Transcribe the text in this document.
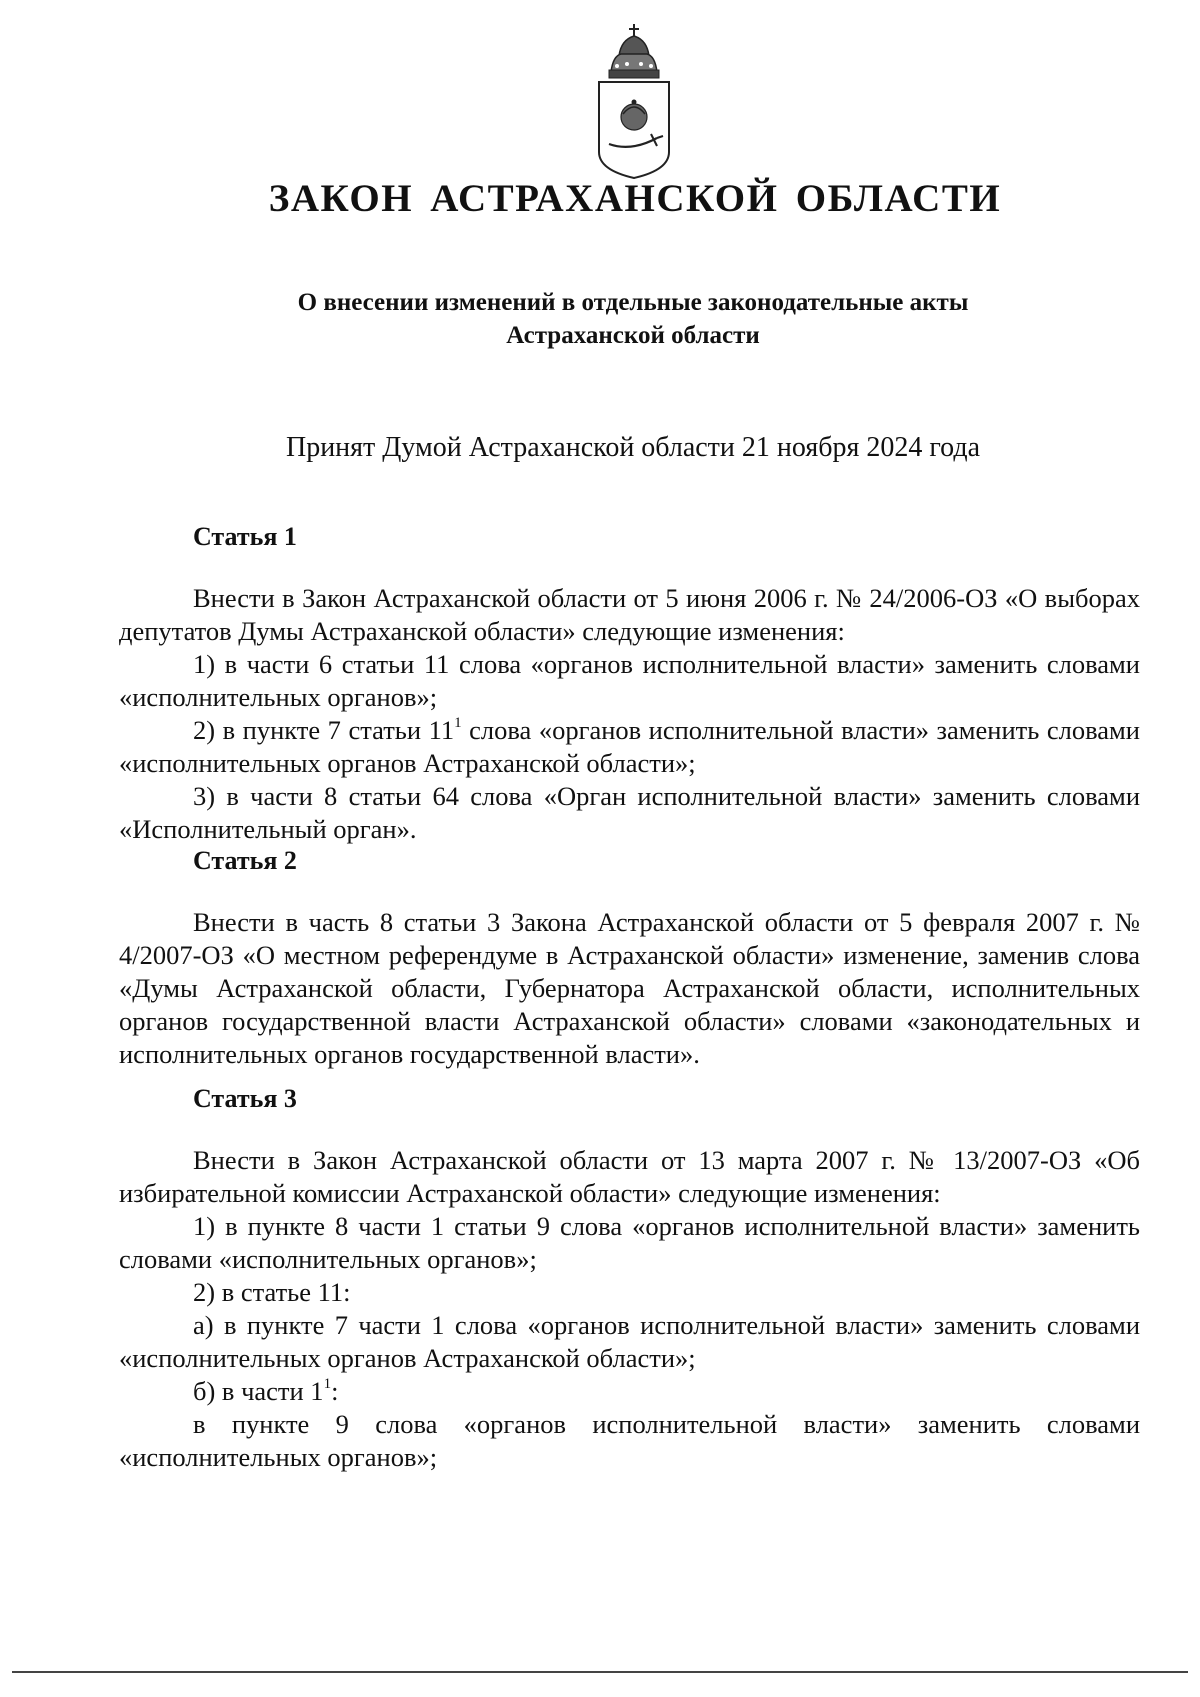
ЗАКОН АСТРАХАНСКОЙ ОБЛАСТИ
О внесении изменений в отдельные законодательные акты
Астраханской области

Принят Думой Астраханской области 21 ноября 2024 года

Статья 1

Внести в Закон Астраханской области от 5 июня 2006 г. № 24/2006-ОЗ «О выборах депутатов Думы Астраханской области» следующие изменения:

1) в части 6 статьи 11 слова «органов исполнительной власти» заменить словами «исполнительных органов»;

2) в пункте 7 статьи $11^1$ слова «органов исполнительной власти» заменить словами «исполнительных органов Астраханской области»;

3) в части 8 статьи 64 слова «Орган исполнительной власти» заменить словами «Исполнительный орган».

Статья 2

Внести в часть 8 статьи 3 Закона Астраханской области от 5 февраля 2007 г. № 4/2007-ОЗ «О местном референдуме в Астраханской области» изменение, заменив слова «Думы Астраханской области, Губернатора Астраханской области, исполнительных органов государственной власти Астраханской области» словами «законодательных и исполнительных органов государственной власти».

Статья 3

Внести в Закон Астраханской области от 13 марта 2007 г. № 13/2007-ОЗ «Об избирательной комиссии Астраханской области» следующие изменения:

1) в пункте 8 части 1 статьи 9 слова «органов исполнительной власти» заменить словами «исполнительных органов»;

2) в статье 11:

а) в пункте 7 части 1 слова «органов исполнительной власти» заменить словами «исполнительных органов Астраханской области»;

б) в части $1^1$:

в пункте 9 слова «органов исполнительной власти» заменить словами «исполнительных органов»;
